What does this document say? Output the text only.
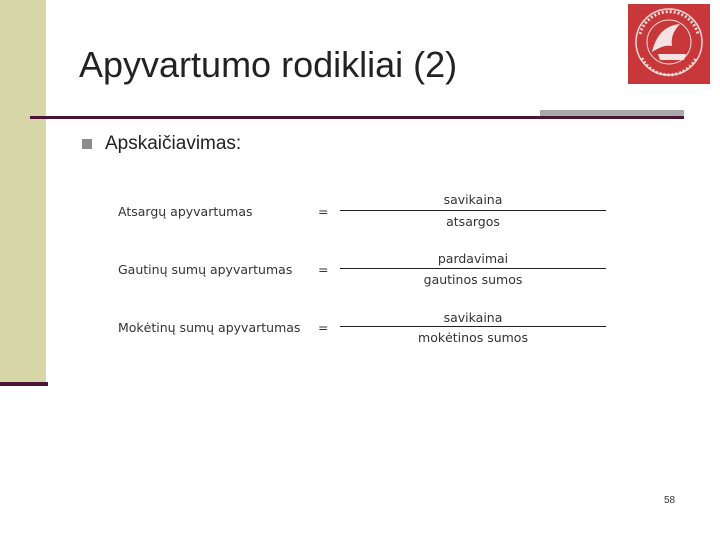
Apyvartumo rodikliai (2)
Apskaičiavimas:
Atsargų apyvartumas	=
savikaina
atsargos
Gautinų sumų apyvartumas =
pardavimai
gautinos sumos
Mokėtinų sumų apyvartumas =
savikaina
mokėtinos sumos
58
